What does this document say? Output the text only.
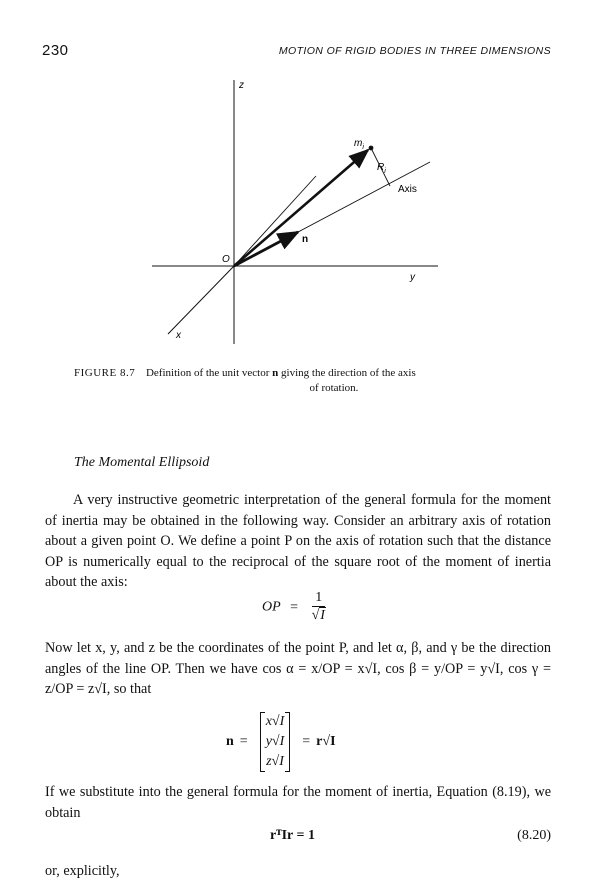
230	MOTION OF RIGID BODIES IN THREE DIMENSIONS
z
y
x
O
$m_i$
$R_i$
Axis
n
FIGURE 8.7 Definition of the unit vector n giving the direction of the axis
of rotation.
The Momental Ellipsoid
A very instructive geometric interpretation of the general formula for the moment of inertia may be obtained in the following way. Consider an arbitrary axis of rotation about a given point O. We define a point P on the axis of rotation such that the distance OP is numerically equal to the reciprocal of the square root of the moment of inertia about the axis:
OP = $\frac{1}{√I}$
Now let x, y, and z be the coordinates of the point P, and let α, β, and γ be the direction angles of the line OP. Then we have cos α = x/OP = x√I, cos β = y/OP = y√I, cos γ = z/OP = z√I, so that
n =
x√I
y√I
z√I
= r√I
If we substitute into the general formula for the moment of inertia, Equation (8.19), we obtain
rᵀIr = 1	(8.20)
or, explicitly,
